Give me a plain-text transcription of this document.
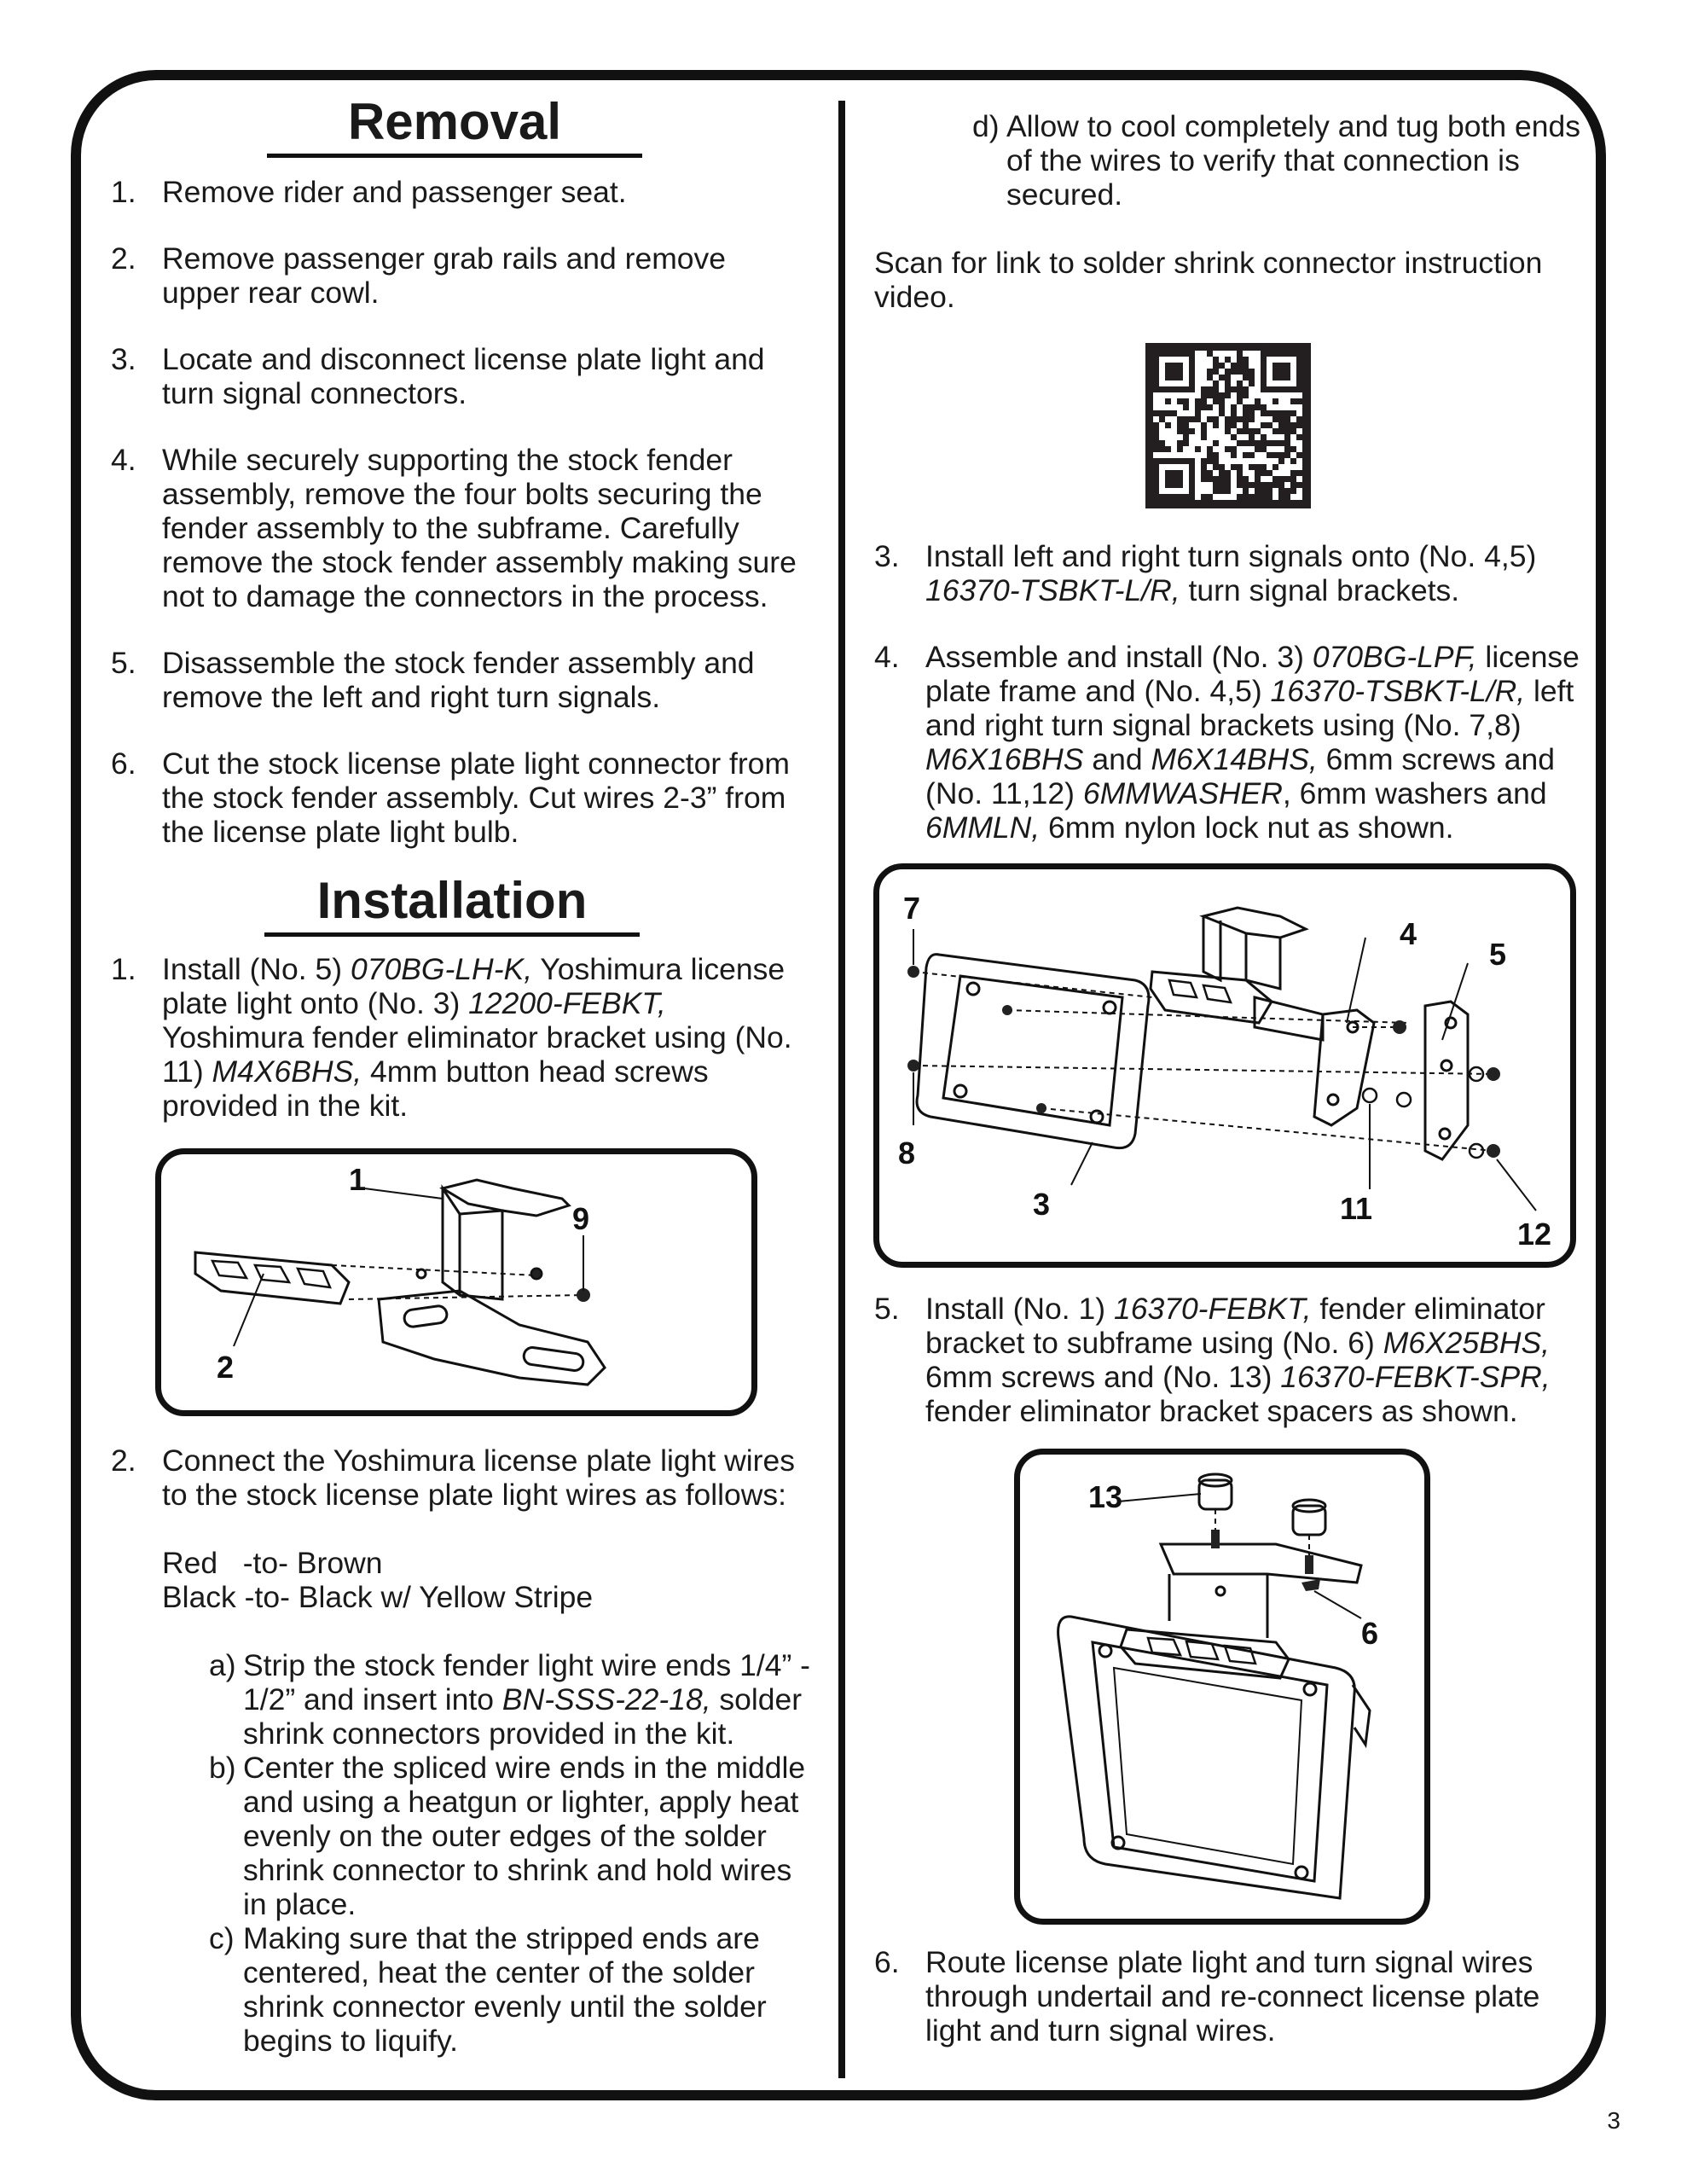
Removal

1. Remove rider and passenger seat.

2. Remove passenger grab rails and remove upper rear cowl.

3. Locate and disconnect license plate light and turn signal connectors.

4. While securely supporting the stock fender assembly, remove the four bolts securing the fender assembly to the subframe. Carefully remove the stock fender assembly making sure not to damage the connectors in the process.

5. Disassemble the stock fender assembly and remove the left and right turn signals.

6. Cut the stock license plate light connector from the stock fender assembly. Cut wires 2-3” from the license plate light bulb.

Installation

1. Install (No. 5) 070BG-LH-K, Yoshimura license plate light onto (No. 3) 12200-FEBKT, Yoshimura fender eliminator bracket using (No. 11) M4X6BHS, 4mm button head screws provided in the kit.

1
2
9

2. Connect the Yoshimura license plate light wires to the stock license plate light wires as follows:

Red   -to- Brown
Black -to- Black w/ Yellow Stripe

a) Strip the stock fender light wire ends 1/4” - 1/2” and insert into BN-SSS-22-18, solder shrink connectors provided in the kit.

b) Center the spliced wire ends in the middle and using a heatgun or lighter, apply heat evenly on the outer edges of the solder shrink connector to shrink and hold wires in place.

c) Making sure that the stripped ends are centered, heat the center of the solder shrink connector evenly until the solder begins to liquify.

d) Allow to cool completely and tug both ends of the wires to verify that connection is secured.

Scan for link to solder shrink connector instruction video.

3. Install left and right turn signals onto (No. 4,5) 16370-TSBKT-L/R, turn signal brackets.

4. Assemble and install (No. 3) 070BG-LPF, license plate frame and (No. 4,5) 16370-TSBKT-L/R, left and right turn signal brackets using (No. 7,8) M6X16BHS and M6X14BHS, 6mm screws and (No. 11,12) 6MMWASHER, 6mm washers and 6MMLN, 6mm nylon lock nut as shown.

7
4
5
8
3	11
12

5. Install (No. 1) 16370-FEBKT, fender eliminator bracket to subframe using (No. 6) M6X25BHS, 6mm screws and (No. 13) 16370-FEBKT-SPR, fender eliminator bracket spacers as shown.

13
6

6. Route license plate light and turn signal wires through undertail and re-connect license plate light and turn signal wires.

3
